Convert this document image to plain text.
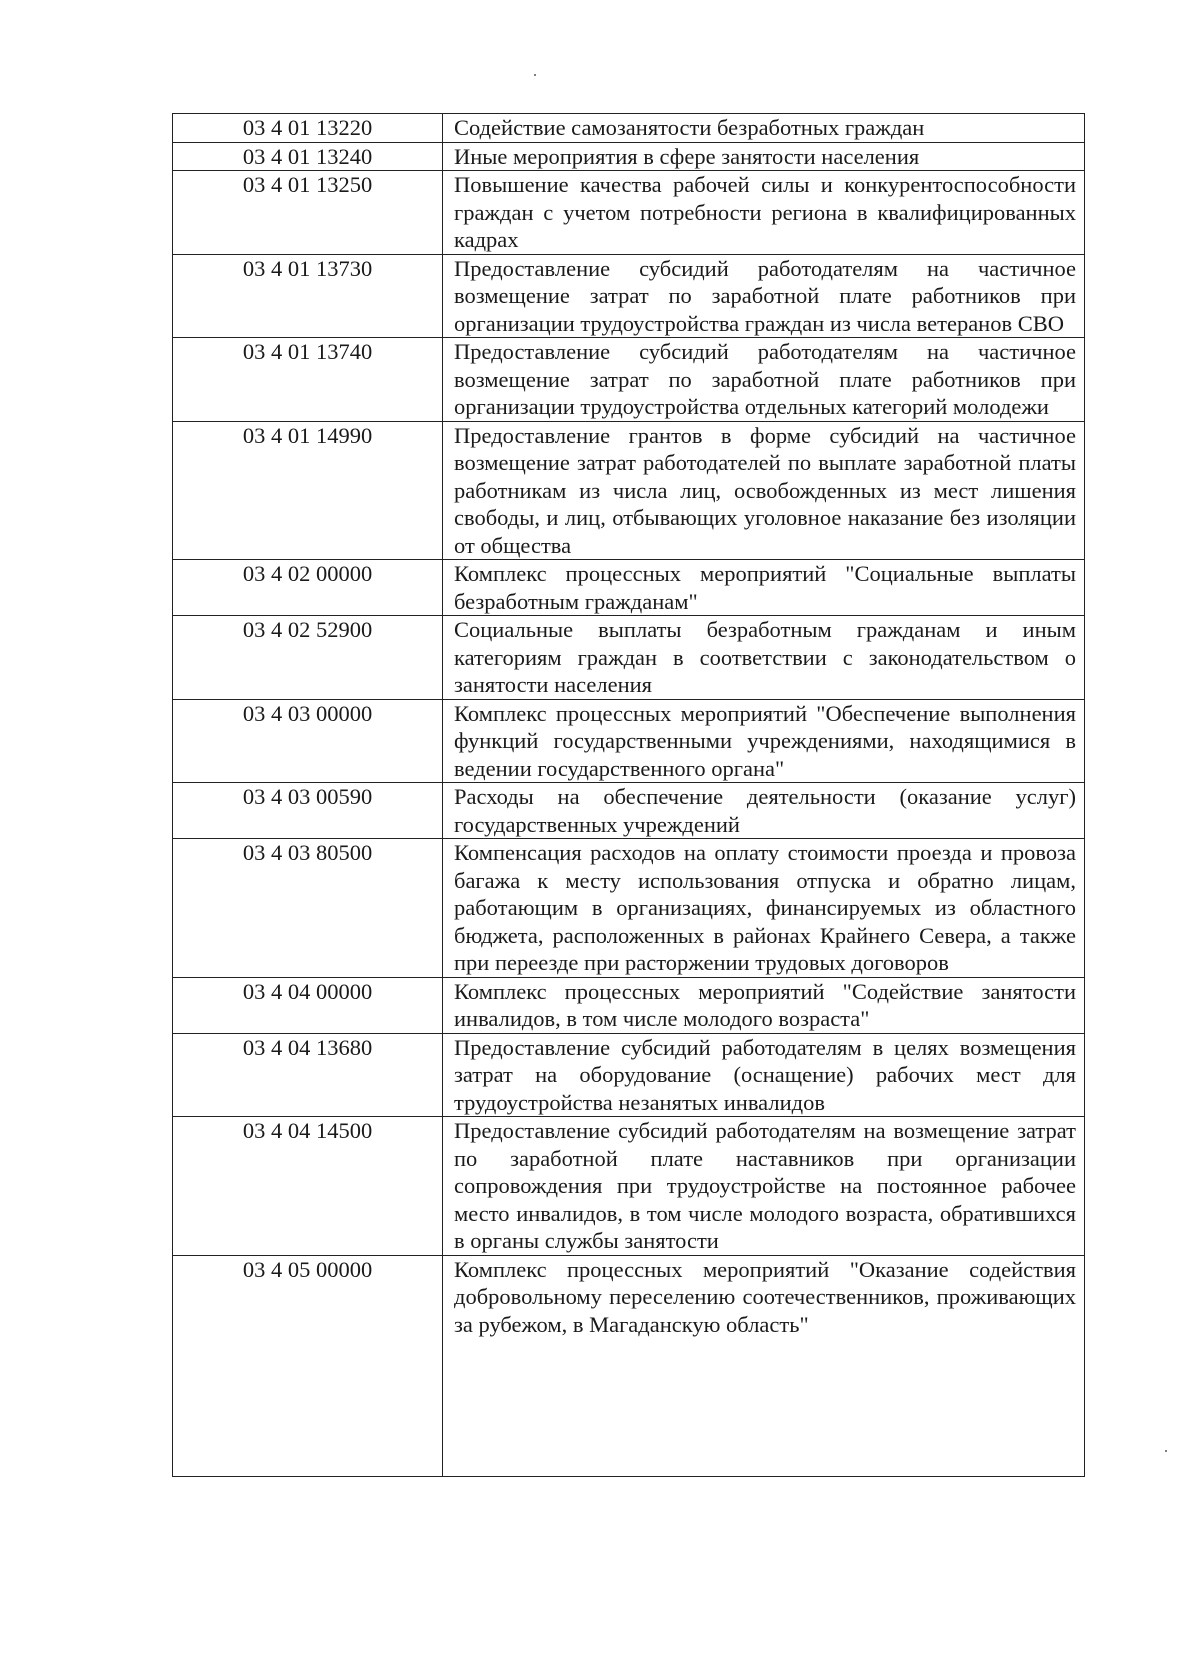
03 4 01 13220	Содействие самозанятости безработных граждан
03 4 01 13240	Иные мероприятия в сфере занятости населения
03 4 01 13250	Повышение качества рабочей силы и конкурентоспособности граждан с учетом потребности региона в квалифицированных кадрах
03 4 01 13730	Предоставление субсидий работодателям на частичное возмещение затрат по заработной плате работников при организации трудоустройства граждан из числа ветеранов СВО
03 4 01 13740	Предоставление субсидий работодателям на частичное возмещение затрат по заработной плате работников при организации трудоустройства отдельных категорий молодежи
03 4 01 14990	Предоставление грантов в форме субсидий на частичное возмещение затрат работодателей по выплате заработной платы работникам из числа лиц, освобожденных из мест лишения свободы, и лиц, отбывающих уголовное наказание без изоляции от общества
03 4 02 00000	Комплекс процессных мероприятий "Социальные выплаты безработным гражданам"
03 4 02 52900	Социальные выплаты безработным гражданам и иным категориям граждан в соответствии с законодательством о занятости населения
03 4 03 00000	Комплекс процессных мероприятий "Обеспечение выполнения функций государственными учреждениями, находящимися в ведении государственного органа"
03 4 03 00590	Расходы на обеспечение деятельности (оказание услуг) государственных учреждений
03 4 03 80500	Компенсация расходов на оплату стоимости проезда и провоза багажа к месту использования отпуска и обратно лицам, работающим в организациях, финансируемых из областного бюджета, расположенных в районах Крайнего Севера, а также при переезде при расторжении трудовых договоров
03 4 04 00000	Комплекс процессных мероприятий "Содействие занятости инвалидов, в том числе молодого возраста"
03 4 04 13680	Предоставление субсидий работодателям в целях возмещения затрат на оборудование (оснащение) рабочих мест для трудоустройства незанятых инвалидов
03 4 04 14500	Предоставление субсидий работодателям на возмещение затрат по заработной плате наставников при организации сопровождения при трудоустройстве на постоянное рабочее место инвалидов, в том числе молодого возраста, обратившихся в органы службы занятости
03 4 05 00000	Комплекс процессных мероприятий "Оказание содействия добровольному переселению соотечественников, проживающих за рубежом, в Магаданскую область"
